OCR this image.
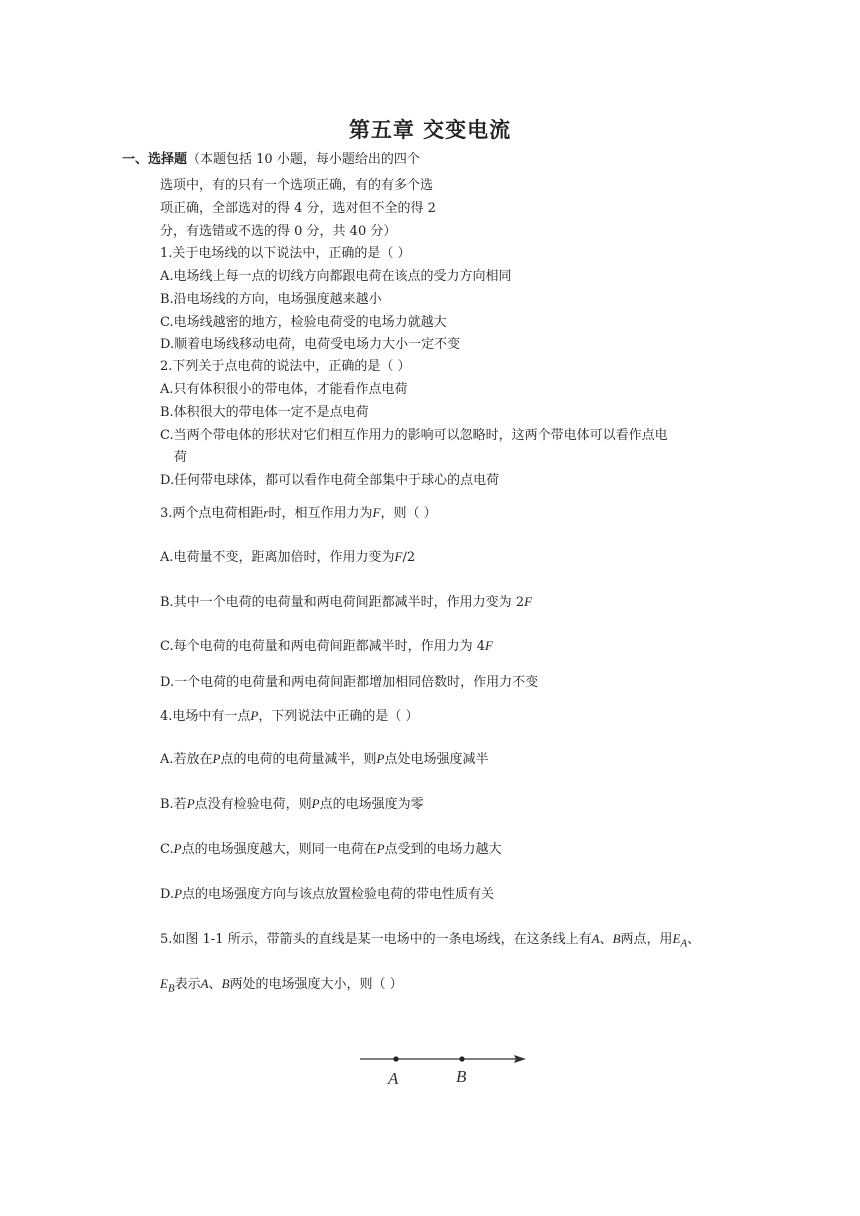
第五章 交变电流
一、选择题（本题包括 10 小题，每小题给出的四个
选项中，有的只有一个选项正确，有的有多个选
项正确，全部选对的得 4 分，选对但不全的得 2
分，有选错或不选的得 0 分，共 40 分）
1.关于电场线的以下说法中，正确的是（ ）
A.电场线上每一点的切线方向都跟电荷在该点的受力方向相同
B.沿电场线的方向，电场强度越来越小
C.电场线越密的地方，检验电荷受的电场力就越大
D.顺着电场线移动电荷，电荷受电场力大小一定不变
2.下列关于点电荷的说法中，正确的是（ ）
A.只有体积很小的带电体，才能看作点电荷
B.体积很大的带电体一定不是点电荷
C.当两个带电体的形状对它们相互作用力的影响可以忽略时，这两个带电体可以看作点电
荷
D.任何带电球体，都可以看作电荷全部集中于球心的点电荷
3.两个点电荷相距r时，相互作用力为F，则（ ）
A.电荷量不变，距离加倍时，作用力变为F/2
B.其中一个电荷的电荷量和两电荷间距都减半时，作用力变为 2F
C.每个电荷的电荷量和两电荷间距都减半时，作用力为 4F
D.一个电荷的电荷量和两电荷间距都增加相同倍数时，作用力不变
4.电场中有一点P，下列说法中正确的是（ ）
A.若放在P点的电荷的电荷量减半，则P点处电场强度减半
B.若P点没有检验电荷，则P点的电场强度为零
C.P点的电场强度越大，则同一电荷在P点受到的电场力越大
D.P点的电场强度方向与该点放置检验电荷的带电性质有关
5.如图 1-1 所示，带箭头的直线是某一电场中的一条电场线，在这条线上有A、B两点，用$E_A$、
$E_B$表示A、B两处的电场强度大小，则（ ）
A	B
